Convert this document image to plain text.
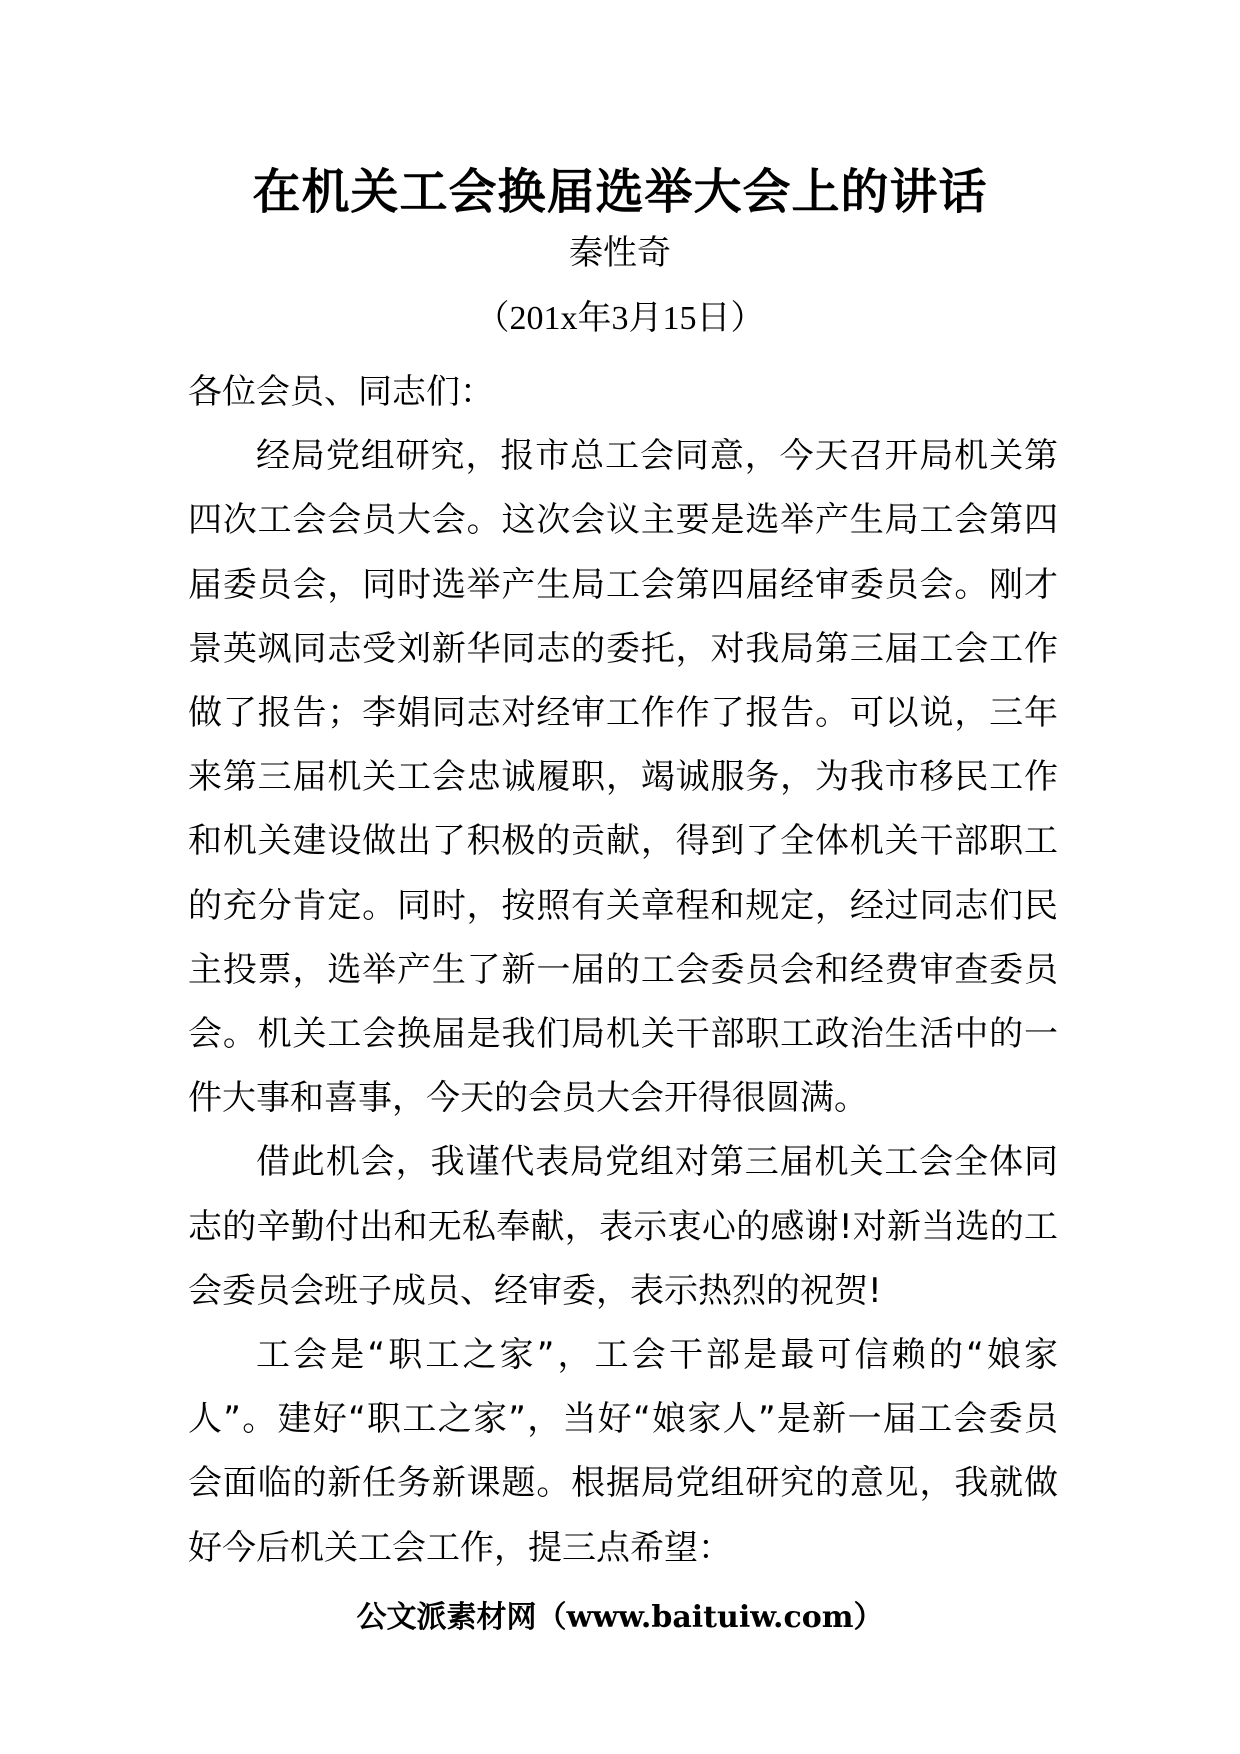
在机关工会换届选举大会上的讲话
秦性奇
（201x年3月15日）

各位会员、同志们：

经局党组研究，报市总工会同意，今天召开局机关第四次工会会员大会。这次会议主要是选举产生局工会第四届委员会，同时选举产生局工会第四届经审委员会。刚才景英飒同志受刘新华同志的委托，对我局第三届工会工作做了报告；李娟同志对经审工作作了报告。可以说，三年来第三届机关工会忠诚履职，竭诚服务，为我市移民工作和机关建设做出了积极的贡献，得到了全体机关干部职工的充分肯定。同时，按照有关章程和规定，经过同志们民主投票，选举产生了新一届的工会委员会和经费审查委员会。机关工会换届是我们局机关干部职工政治生活中的一件大事和喜事，今天的会员大会开得很圆满。

借此机会，我谨代表局党组对第三届机关工会全体同志的辛勤付出和无私奉献，表示衷心的感谢!对新当选的工会委员会班子成员、经审委，表示热烈的祝贺!

工会是“职工之家”，工会干部是最可信赖的“娘家人”。建好“职工之家”，当好“娘家人”是新一届工会委员会面临的新任务新课题。根据局党组研究的意见，我就做好今后机关工会工作，提三点希望：

公文派素材网（www.baituiw.com）
